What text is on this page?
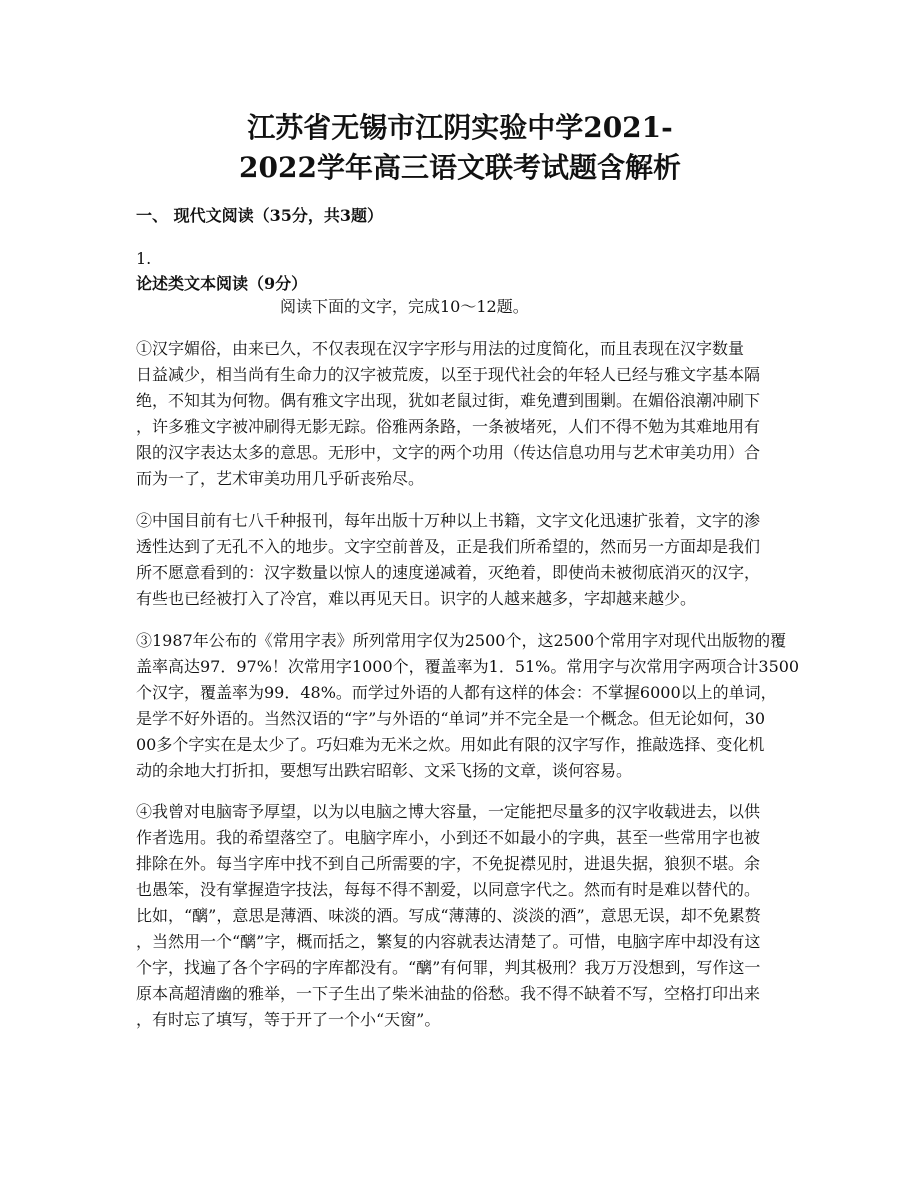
江苏省无锡市江阴实验中学2021-
2022学年高三语文联考试题含解析
一、 现代文阅读（35分，共3题）
1.
论述类文本阅读（9分）
阅读下面的文字，完成10～12题。
①汉字媚俗，由来已久，不仅表现在汉字字形与用法的过度简化，而且表现在汉字数量
日益减少，相当尚有生命力的汉字被荒废，以至于现代社会的年轻人已经与雅文字基本隔
绝，不知其为何物。偶有雅文字出现，犹如老鼠过街，难免遭到围剿。在媚俗浪潮冲刷下
，许多雅文字被冲刷得无影无踪。俗雅两条路，一条被堵死，人们不得不勉为其难地用有
限的汉字表达太多的意思。无形中，文字的两个功用（传达信息功用与艺术审美功用）合
而为一了，艺术审美功用几乎斫丧殆尽。
②中国目前有七八千种报刊，每年出版十万种以上书籍，文字文化迅速扩张着，文字的渗
透性达到了无孔不入的地步。文字空前普及，正是我们所希望的，然而另一方面却是我们
所不愿意看到的：汉字数量以惊人的速度递减着，灭绝着，即使尚未被彻底消灭的汉字，
有些也已经被打入了冷宫，难以再见天日。识字的人越来越多，字却越来越少。
③1987年公布的《常用字表》所列常用字仅为2500个，这2500个常用字对现代出版物的覆
盖率高达97．97%！次常用字1000个，覆盖率为1．51%。常用字与次常用字两项合计3500
个汉字，覆盖率为99．48%。而学过外语的人都有这样的体会：不掌握6000以上的单词，
是学不好外语的。当然汉语的“字”与外语的“单词”并不完全是一个概念。但无论如何，30
00多个字实在是太少了。巧妇难为无米之炊。用如此有限的汉字写作，推敲选择、变化机
动的余地大打折扣，要想写出跌宕昭彰、文采飞扬的文章，谈何容易。
④我曾对电脑寄予厚望，以为以电脑之博大容量，一定能把尽量多的汉字收载进去，以供
作者选用。我的希望落空了。电脑字库小，小到还不如最小的字典，甚至一些常用字也被
排除在外。每当字库中找不到自己所需要的字，不免捉襟见肘，进退失据，狼狈不堪。余
也愚笨，没有掌握造字技法，每每不得不割爱，以同意字代之。然而有时是难以替代的。
比如，“醨”，意思是薄酒、味淡的酒。写成“薄薄的、淡淡的酒”，意思无误，却不免累赘
，当然用一个“醨”字，概而括之，繁复的内容就表达清楚了。可惜，电脑字库中却没有这
个字，找遍了各个字码的字库都没有。“醨”有何罪，判其极刑？我万万没想到，写作这一
原本高超清幽的雅举，一下子生出了柴米油盐的俗愁。我不得不缺着不写，空格打印出来
，有时忘了填写，等于开了一个小“天窗”。
